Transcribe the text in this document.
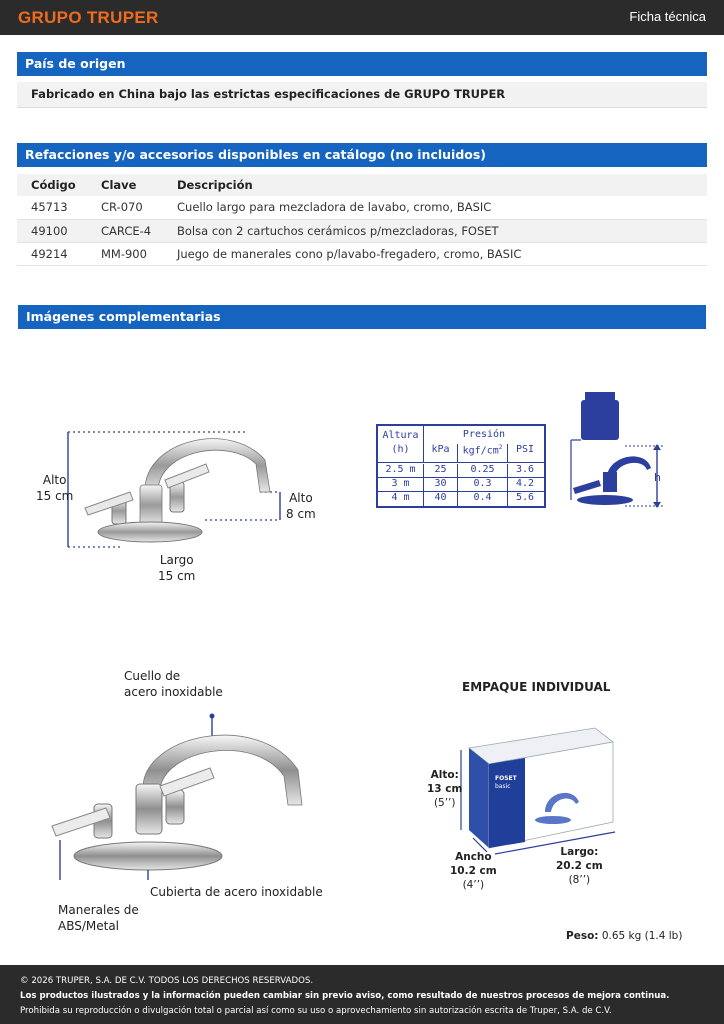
GRUPO TRUPER	Ficha técnica
País de origen
Fabricado en China bajo las estrictas especificaciones de GRUPO TRUPER
Refacciones y/o accesorios disponibles en catálogo (no incluidos)
Código	Clave	Descripción
45713	CR-070	Cuello largo para mezcladora de lavabo, cromo, BASIC
49100	CARCE-4	Bolsa con 2 cartuchos cerámicos p/mezcladoras, FOSET
49214	MM-900	Juego de manerales cono p/lavabo-fregadero, cromo, BASIC
Imágenes complementarias
Alto
15 cm	Alto
8 cm
Largo
15 cm
Altura
(h)
Presión
kPa	kgf/$cm^2$	PSI
2.5 m	25	0.25	3.6
3 m	30	0.3	4.2
4 m	40	0.4	5.6
h
Cuello de
acero inoxidable
Cubierta de acero inoxidable
Manerales de
ABS/Metal
EMPAQUE INDIVIDUAL
FOSET
basic
Alto:
13 cm
(5’’)
Ancho
10.2 cm
(4’’)
Largo:
20.2 cm
(8’’)
Peso: 0.65 kg (1.4 lb)
© 2026 TRUPER, S.A. DE C.V. TODOS LOS DERECHOS RESERVADOS.
Los productos ilustrados y la información pueden cambiar sin previo aviso, como resultado de nuestros procesos de mejora continua.
Prohibida su reproducción o divulgación total o parcial así como su uso o aprovechamiento sin autorización escrita de Truper, S.A. de C.V.
